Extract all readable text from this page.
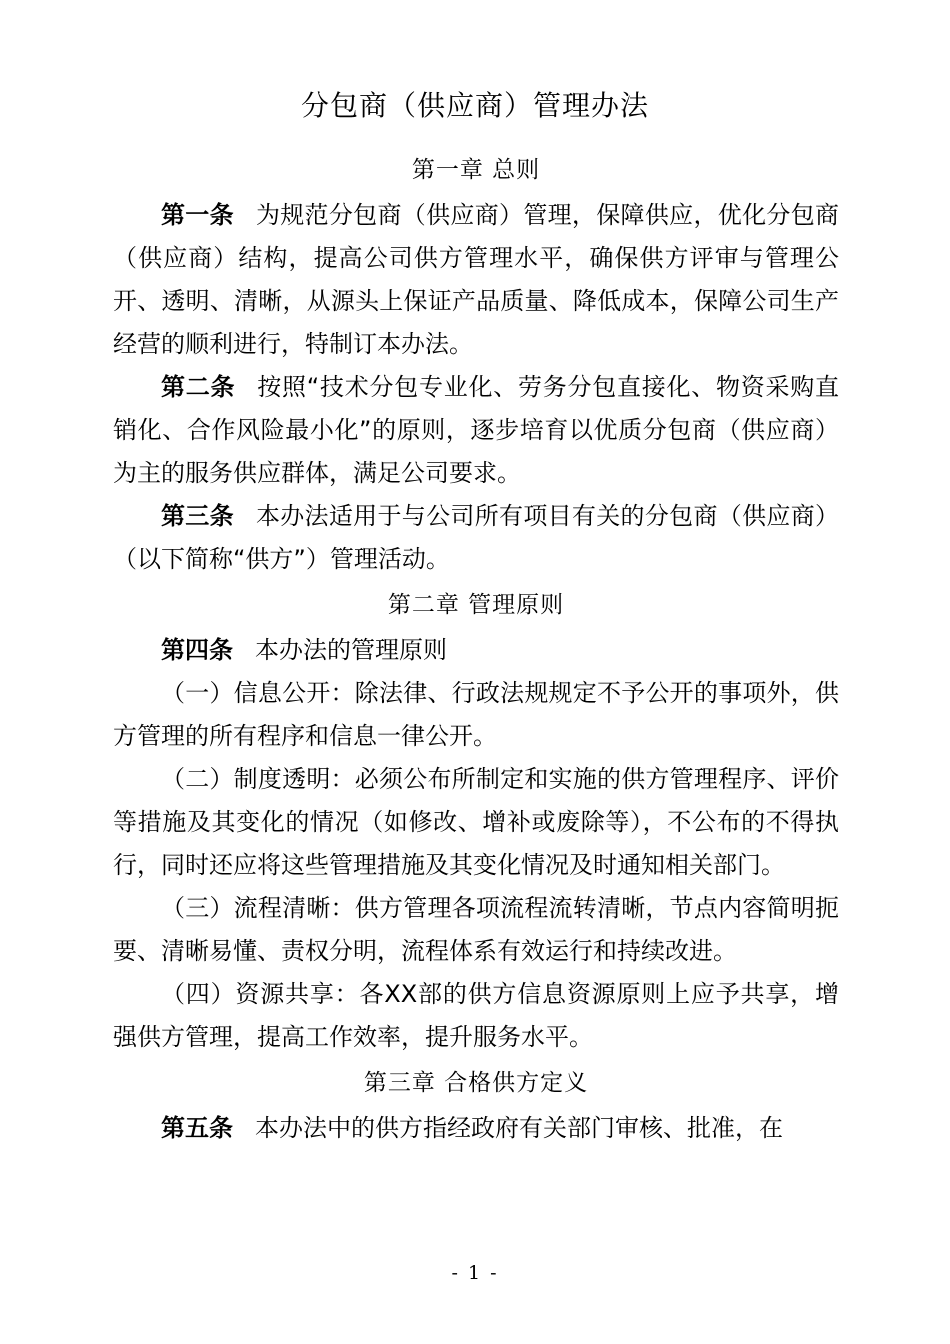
分包商（供应商）管理办法
第一章 总则

第一条 为规范分包商（供应商）管理，保障供应，优化分包商（供应商）结构，提高公司供方管理水平，确保供方评审与管理公开、透明、清晰，从源头上保证产品质量、降低成本，保障公司生产经营的顺利进行，特制订本办法。

第二条 按照“技术分包专业化、劳务分包直接化、物资采购直销化、合作风险最小化”的原则，逐步培育以优质分包商（供应商）为主的服务供应群体，满足公司要求。

第三条 本办法适用于与公司所有项目有关的分包商（供应商）（以下简称“供方”）管理活动。

第二章 管理原则

第四条 本办法的管理原则

（一）信息公开：除法律、行政法规规定不予公开的事项外，供方管理的所有程序和信息一律公开。

（二）制度透明：必须公布所制定和实施的供方管理程序、评价等措施及其变化的情况（如修改、增补或废除等），不公布的不得执行，同时还应将这些管理措施及其变化情况及时通知相关部门。

（三）流程清晰：供方管理各项流程流转清晰，节点内容简明扼要、清晰易懂、责权分明，流程体系有效运行和持续改进。

（四）资源共享：各XX部的供方信息资源原则上应予共享，增强供方管理，提高工作效率，提升服务水平。

第三章 合格供方定义

第五条 本办法中的供方指经政府有关部门审核、批准，在

- 1 -
